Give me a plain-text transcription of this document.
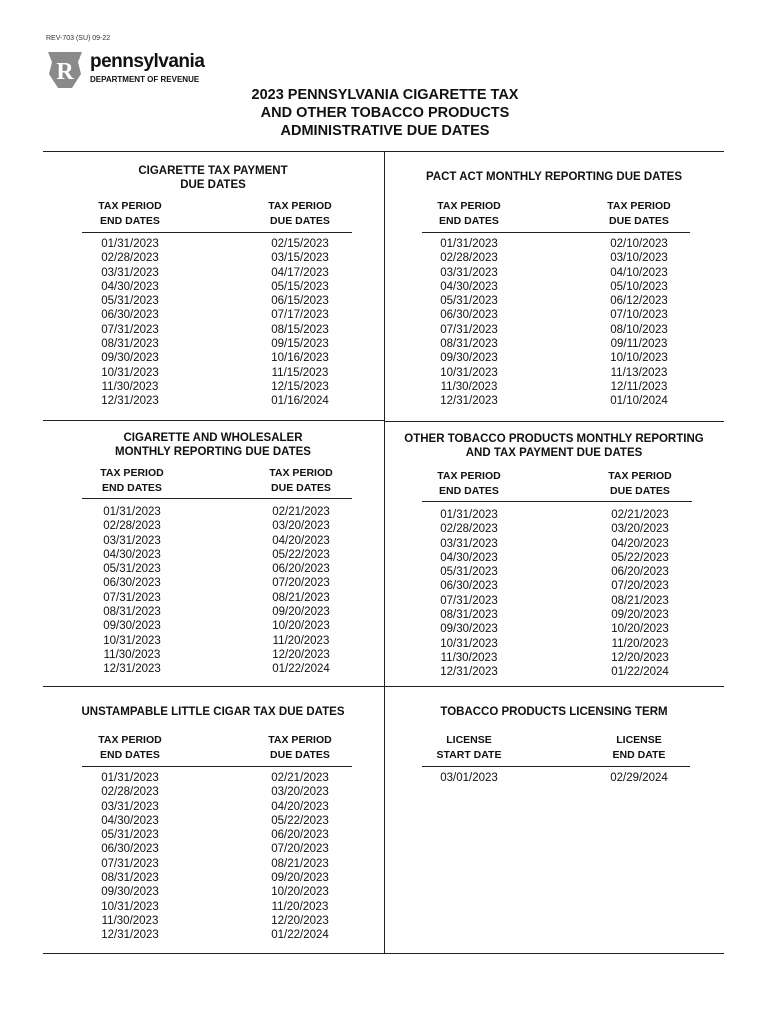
REV-703 (SU) 09-22
R pennsylvania
DEPARTMENT OF REVENUE
2023 PENNSYLVANIA CIGARETTE TAX
AND OTHER TOBACCO PRODUCTS
ADMINISTRATIVE DUE DATES
CIGARETTE TAX PAYMENT
DUE DATES
TAX PERIOD
END DATES
01/31/2023
02/28/2023
03/31/2023
04/30/2023
05/31/2023
06/30/2023
07/31/2023
08/31/2023
09/30/2023
10/31/2023
11/30/2023
12/31/2023
TAX PERIOD
DUE DATES
02/15/2023
03/15/2023
04/17/2023
05/15/2023
06/15/2023
07/17/2023
08/15/2023
09/15/2023
10/16/2023
11/15/2023
12/15/2023
01/16/2024
PACT ACT MONTHLY REPORTING DUE DATES
TAX PERIOD
END DATES
01/31/2023
02/28/2023
03/31/2023
04/30/2023
05/31/2023
06/30/2023
07/31/2023
08/31/2023
09/30/2023
10/31/2023
11/30/2023
12/31/2023
TAX PERIOD
DUE DATES
02/10/2023
03/10/2023
04/10/2023
05/10/2023
06/12/2023
07/10/2023
08/10/2023
09/11/2023
10/10/2023
11/13/2023
12/11/2023
01/10/2024
CIGARETTE AND WHOLESALER
MONTHLY REPORTING DUE DATES
TAX PERIOD
END DATES
01/31/2023
02/28/2023
03/31/2023
04/30/2023
05/31/2023
06/30/2023
07/31/2023
08/31/2023
09/30/2023
10/31/2023
11/30/2023
12/31/2023
TAX PERIOD
DUE DATES
02/21/2023
03/20/2023
04/20/2023
05/22/2023
06/20/2023
07/20/2023
08/21/2023
09/20/2023
10/20/2023
11/20/2023
12/20/2023
01/22/2024
OTHER TOBACCO PRODUCTS MONTHLY REPORTING
AND TAX PAYMENT DUE DATES
TAX PERIOD
END DATES
01/31/2023
02/28/2023
03/31/2023
04/30/2023
05/31/2023
06/30/2023
07/31/2023
08/31/2023
09/30/2023
10/31/2023
11/30/2023
12/31/2023
TAX PERIOD
DUE DATES
02/21/2023
03/20/2023
04/20/2023
05/22/2023
06/20/2023
07/20/2023
08/21/2023
09/20/2023
10/20/2023
11/20/2023
12/20/2023
01/22/2024
UNSTAMPABLE LITTLE CIGAR TAX DUE DATES
TAX PERIOD
END DATES
01/31/2023
02/28/2023
03/31/2023
04/30/2023
05/31/2023
06/30/2023
07/31/2023
08/31/2023
09/30/2023
10/31/2023
11/30/2023
12/31/2023
TAX PERIOD
DUE DATES
02/21/2023
03/20/2023
04/20/2023
05/22/2023
06/20/2023
07/20/2023
08/21/2023
09/20/2023
10/20/2023
11/20/2023
12/20/2023
01/22/2024
TOBACCO PRODUCTS LICENSING TERM
LICENSE
START DATE
03/01/2023
LICENSE
END DATE
02/29/2024
